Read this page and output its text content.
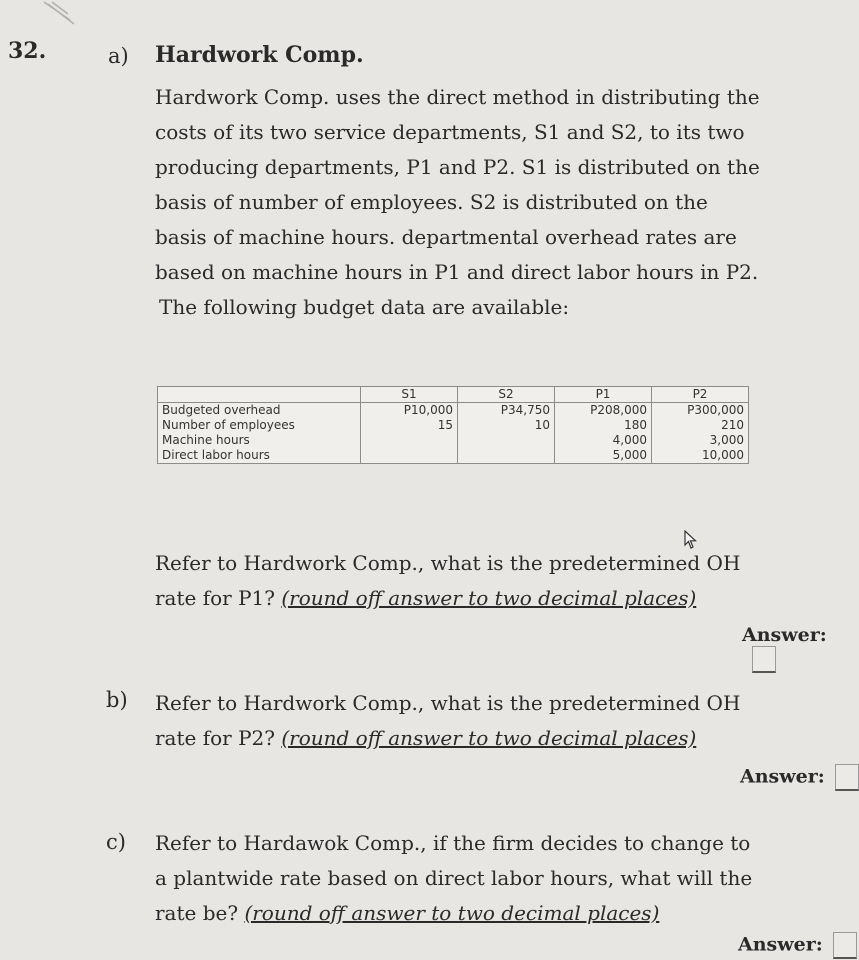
32.	a) Hardwork Comp.
Hardwork Comp. uses the direct method in distributing the
costs of its two service departments, S1 and S2, to its two
producing departments, P1 and P2. S1 is distributed on the
basis of number of employees. S2 is distributed on the
basis of machine hours. departmental overhead rates are
based on machine hours in P1 and direct labor hours in P2.
The following budget data are available:
	S1	S2	P1	P2
Budgeted overhead	P10,000	P34,750	P208,000	P300,000
Number of employees	15	10	180	210
Machine hours			4,000	3,000
Direct labor hours			5,000	10,000
Refer to Hardwork Comp., what is the predetermined OH
rate for P1? (round off answer to two decimal places)
Answer:
b) Refer to Hardwork Comp., what is the predetermined OH
rate for P2? (round off answer to two decimal places)
Answer:
c) Refer to Hardawok Comp., if the firm decides to change to
a plantwide rate based on direct labor hours, what will the
rate be? (round off answer to two decimal places)
Answer:
